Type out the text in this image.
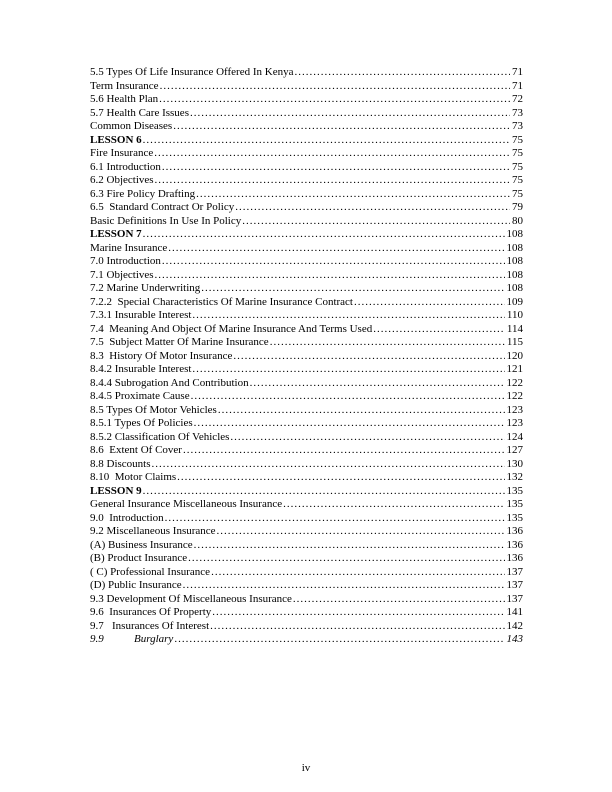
5.5 Types Of Life Insurance Offered In Kenya .....	71
Term Insurance .....	71
5.6 Health Plan .....	72
5.7 Health Care Issues .....	73
Common Diseases .....	73
LESSON 6 .....	75
Fire Insurance .....	75
6.1 Introduction .....	75
6.2 Objectives .....	75
6.3 Fire Policy Drafting .....	75
6.5  Standard Contract Or Policy .....	79
Basic Definitions In Use In Policy .....	80
LESSON 7 .....	108
Marine Insurance .....	108
7.0 Introduction .....	108
7.1 Objectives .....	108
7.2 Marine Underwriting .....	108
7.2.2  Special Characteristics Of Marine Insurance Contract .....	109
7.3.1 Insurable Interest .....	110
7.4  Meaning And Object Of Marine Insurance And Terms Used .....	114
7.5  Subject Matter Of Marine Insurance .....	115
8.3  History Of Motor Insurance .....	120
8.4.2 Insurable Interest .....	121
8.4.4 Subrogation And Contribution .....	122
8.4.5 Proximate Cause .....	122
8.5 Types Of Motor Vehicles .....	123
8.5.1 Types Of Policies .....	123
8.5.2 Classification Of Vehicles .....	124
8.6  Extent Of Cover .....	127
8.8 Discounts .....	130
8.10  Motor Claims .....	132
LESSON 9 .....	135
General Insurance Miscellaneous Insurance .....	135
9.0  Introduction .....	135
9.2 Miscellaneous Insurance .....	136
(A) Business Insurance .....	136
(B) Product Insurance .....	136
( C) Professional Insurance .....	137
(D) Public Insurance .....	137
9.3 Development Of Miscellaneous Insurance .....	137
9.6  Insurances Of Property .....	141
9.7   Insurances Of Interest .....	142
9.9	Burglary .....	143
iv
